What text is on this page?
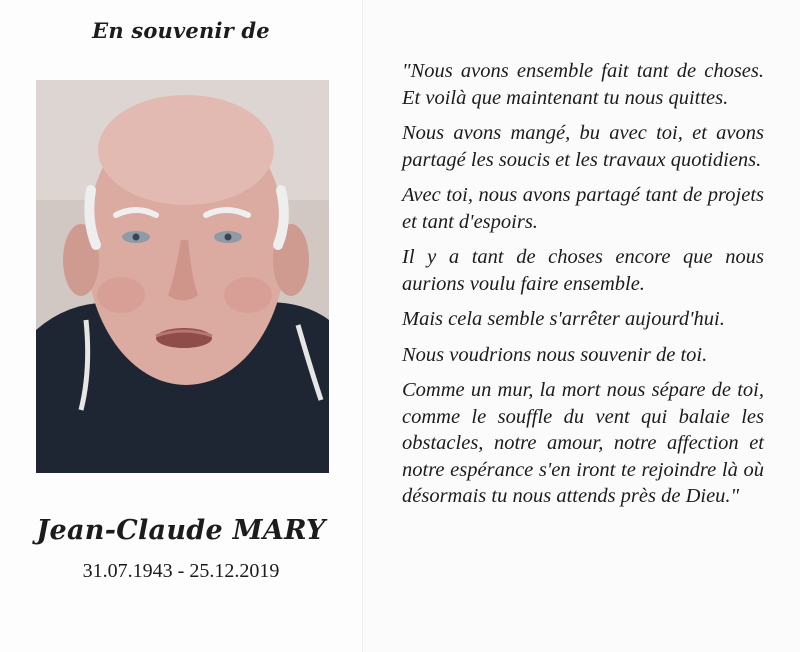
En souvenir de
Jean-Claude MARY
31.07.1943 - 25.12.2019

"Nous avons ensemble fait tant de choses. Et voilà que maintenant tu nous quittes.

Nous avons mangé, bu avec toi, et avons partagé les soucis et les travaux quotidiens.

Avec toi, nous avons partagé tant de projets et tant d'espoirs.

Il y a tant de choses encore que nous aurions voulu faire ensemble.

Mais cela semble s'arrêter aujourd'hui.

Nous voudrions nous souvenir de toi.

Comme un mur, la mort nous sépare de toi, comme le souffle du vent qui balaie les obstacles, notre amour, notre affection et notre espérance s'en iront te rejoindre là où désormais tu nous attends près de Dieu."
